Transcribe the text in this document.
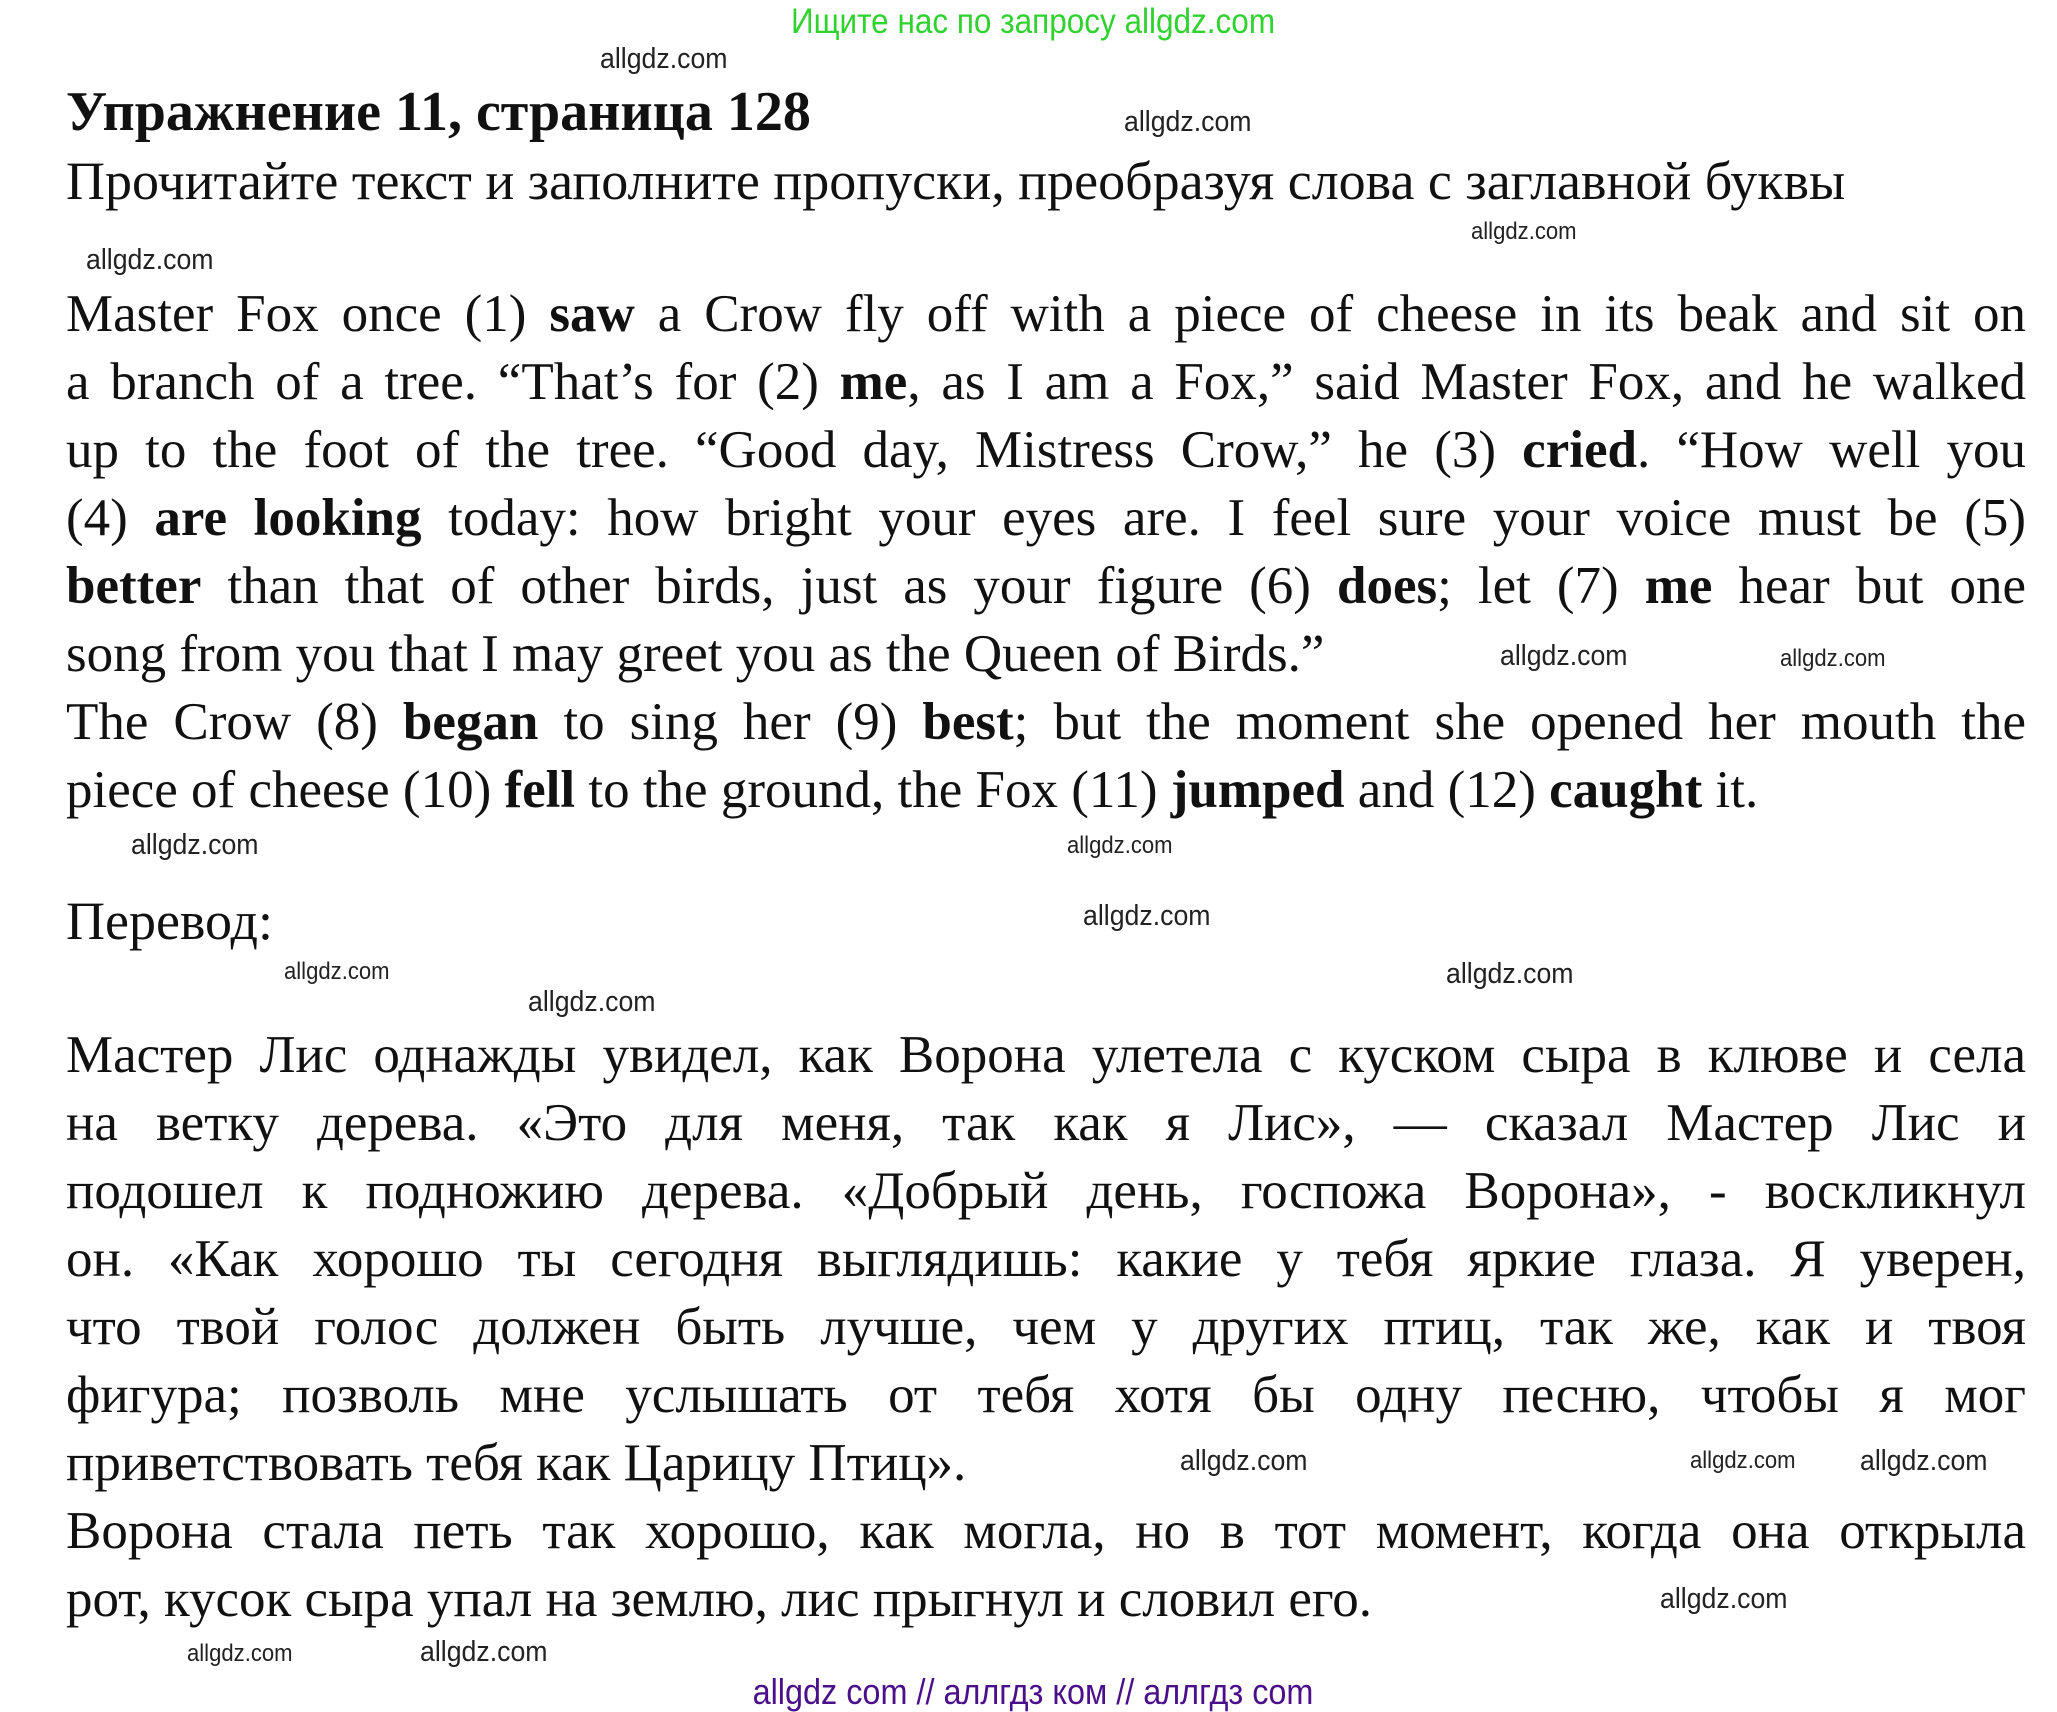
Ищите нас по запросу allgdz.com
Упражнение 11, страница 128
Прочитайте текст и заполните пропуски, преобразуя слова с заглавной буквы
Master Fox once (1) saw a Crow fly off with a piece of cheese in its beak and sit on
a branch of a tree. “That’s for (2) me, as I am a Fox,” said Master Fox, and he walked
up to the foot of the tree. “Good day, Mistress Crow,” he (3) cried. “How well you
(4) are looking today: how bright your eyes are. I feel sure your voice must be (5)
better than that of other birds, just as your figure (6) does; let (7) me hear but one
song from you that I may greet you as the Queen of Birds.”
The Crow (8) began to sing her (9) best; but the moment she opened her mouth the
piece of cheese (10) fell to the ground, the Fox (11) jumped and (12) caught it.
Перевод:
Мастер Лис однажды увидел, как Ворона улетела с куском сыра в клюве и села
на ветку дерева. «Это для меня, так как я Лис», — сказал Мастер Лис и
подошел к подножию дерева. «Добрый день, госпожа Ворона», - воскликнул
он. «Как хорошо ты сегодня выглядишь: какие у тебя яркие глаза. Я уверен,
что твой голос должен быть лучше, чем у других птиц, так же, как и твоя
фигура; позволь мне услышать от тебя хотя бы одну песню, чтобы я мог
приветствовать тебя как Царицу Птиц».
Ворона стала петь так хорошо, как могла, но в тот момент, когда она открыла
рот, кусок сыра упал на землю, лис прыгнул и словил его.
allgdz.com
allgdz.com
allgdz.com
allgdz.com
allgdz.com
allgdz.com
allgdz.com
allgdz.com
allgdz.com
allgdz.com
allgdz.com
allgdz.com
allgdz.com
allgdz.com
allgdz.com	allgdz.com
allgdz.com
allgdz.com
allgdz com // аллгдз ком // аллгдз com
